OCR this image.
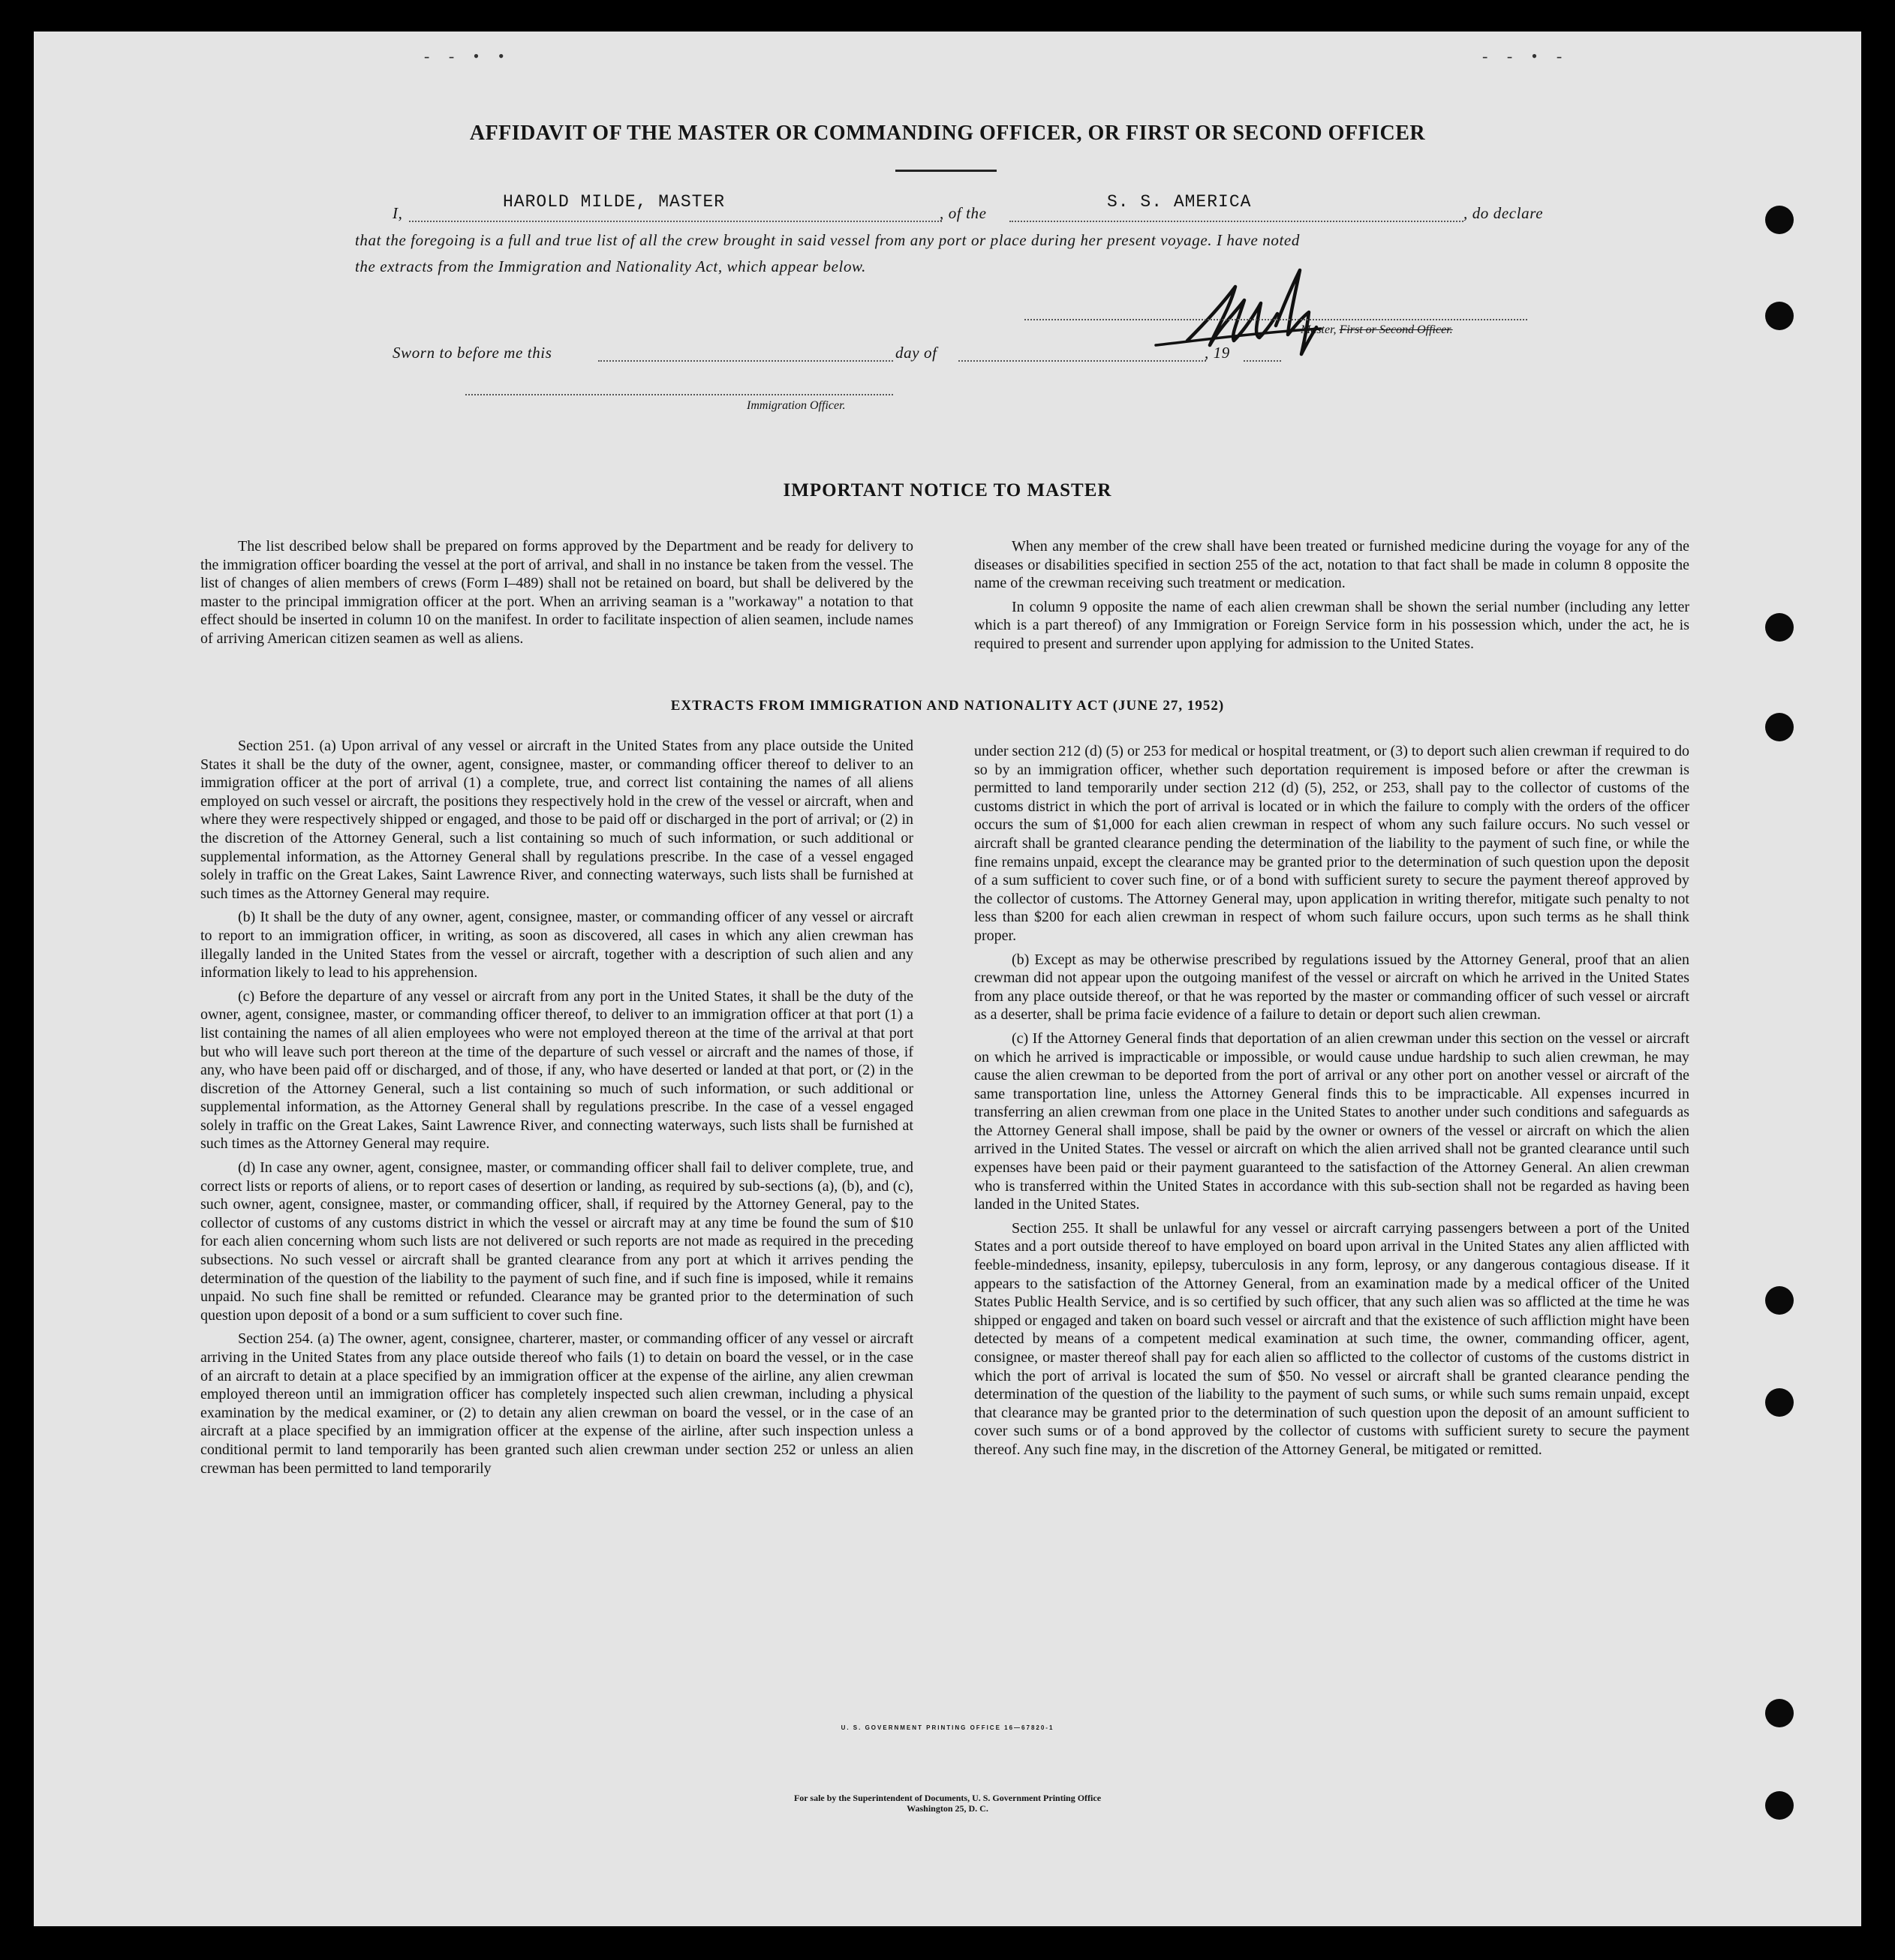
- - • •	- - • -
AFFIDAVIT OF THE MASTER OR COMMANDING OFFICER, OR FIRST OR SECOND OFFICER
I,
HAROLD MILDE, MASTER
, of the
S. S. AMERICA
, do declare
that the foregoing is a full and true list of all the crew brought in said vessel from any port or place during her present voyage. I have noted
the extracts from the Immigration and Nationality Act, which appear below.
Master, First or Second Officer.
Sworn to before me this	day of	, 19
Immigration Officer.
IMPORTANT NOTICE TO MASTER

The list described below shall be prepared on forms approved by the Department and be ready for delivery to the immigration officer boarding the vessel at the port of arrival, and shall in no instance be taken from the vessel. The list of changes of alien members of crews (Form I–489) shall not be retained on board, but shall be delivered by the master to the principal immigration officer at the port. When an arriving seaman is a "workaway" a notation to that effect should be inserted in column 10 on the manifest. In order to facilitate inspection of alien seamen, include names of arriving American citizen seamen as well as aliens.

When any member of the crew shall have been treated or furnished medicine during the voyage for any of the diseases or disabilities specified in section 255 of the act, notation to that fact shall be made in column 8 opposite the name of the crewman receiving such treatment or medication.

In column 9 opposite the name of each alien crewman shall be shown the serial number (including any letter which is a part thereof) of any Immigration or Foreign Service form in his possession which, under the act, he is required to present and surrender upon applying for admission to the United States.

EXTRACTS FROM IMMIGRATION AND NATIONALITY ACT (JUNE 27, 1952)

Section 251. (a) Upon arrival of any vessel or aircraft in the United States from any place outside the United States it shall be the duty of the owner, agent, consignee, master, or commanding officer thereof to deliver to an immigration officer at the port of arrival (1) a complete, true, and correct list containing the names of all aliens employed on such vessel or aircraft, the positions they respectively hold in the crew of the vessel or aircraft, when and where they were respectively shipped or engaged, and those to be paid off or discharged in the port of arrival; or (2) in the discretion of the Attorney General, such a list containing so much of such information, or such additional or supplemental information, as the Attorney General shall by regulations prescribe. In the case of a vessel engaged solely in traffic on the Great Lakes, Saint Lawrence River, and connecting waterways, such lists shall be furnished at such times as the Attorney General may require.

(b) It shall be the duty of any owner, agent, consignee, master, or commanding officer of any vessel or aircraft to report to an immigration officer, in writing, as soon as discovered, all cases in which any alien crewman has illegally landed in the United States from the vessel or aircraft, together with a description of such alien and any information likely to lead to his apprehension.

(c) Before the departure of any vessel or aircraft from any port in the United States, it shall be the duty of the owner, agent, consignee, master, or commanding officer thereof, to deliver to an immigration officer at that port (1) a list containing the names of all alien employees who were not employed thereon at the time of the arrival at that port but who will leave such port thereon at the time of the departure of such vessel or aircraft and the names of those, if any, who have been paid off or discharged, and of those, if any, who have deserted or landed at that port, or (2) in the discretion of the Attorney General, such a list containing so much of such information, or such additional or supplemental information, as the Attorney General shall by regulations prescribe. In the case of a vessel engaged solely in traffic on the Great Lakes, Saint Lawrence River, and connecting waterways, such lists shall be furnished at such times as the Attorney General may require.

(d) In case any owner, agent, consignee, master, or commanding officer shall fail to deliver complete, true, and correct lists or reports of aliens, or to report cases of desertion or landing, as required by sub-sections (a), (b), and (c), such owner, agent, consignee, master, or commanding officer, shall, if required by the Attorney General, pay to the collector of customs of any customs district in which the vessel or aircraft may at any time be found the sum of $10 for each alien concerning whom such lists are not delivered or such reports are not made as required in the preceding subsections. No such vessel or aircraft shall be granted clearance from any port at which it arrives pending the determination of the question of the liability to the payment of such fine, and if such fine is imposed, while it remains unpaid. No such fine shall be remitted or refunded. Clearance may be granted prior to the determination of such question upon deposit of a bond or a sum sufficient to cover such fine.

Section 254. (a) The owner, agent, consignee, charterer, master, or commanding officer of any vessel or aircraft arriving in the United States from any place outside thereof who fails (1) to detain on board the vessel, or in the case of an aircraft to detain at a place specified by an immigration officer at the expense of the airline, any alien crewman employed thereon until an immigration officer has completely inspected such alien crewman, including a physical examination by the medical examiner, or (2) to detain any alien crewman on board the vessel, or in the case of an aircraft at a place specified by an immigration officer at the expense of the airline, after such inspection unless a conditional permit to land temporarily has been granted such alien crewman under section 252 or unless an alien crewman has been permitted to land temporarily

under section 212 (d) (5) or 253 for medical or hospital treatment, or (3) to deport such alien crewman if required to do so by an immigration officer, whether such deportation requirement is imposed before or after the crewman is permitted to land temporarily under section 212 (d) (5), 252, or 253, shall pay to the collector of customs of the customs district in which the port of arrival is located or in which the failure to comply with the orders of the officer occurs the sum of $1,000 for each alien crewman in respect of whom any such failure occurs. No such vessel or aircraft shall be granted clearance pending the determination of the liability to the payment of such fine, or while the fine remains unpaid, except the clearance may be granted prior to the determination of such question upon the deposit of a sum sufficient to cover such fine, or of a bond with sufficient surety to secure the payment thereof approved by the collector of customs. The Attorney General may, upon application in writing therefor, mitigate such penalty to not less than $200 for each alien crewman in respect of whom such failure occurs, upon such terms as he shall think proper.

(b) Except as may be otherwise prescribed by regulations issued by the Attorney General, proof that an alien crewman did not appear upon the outgoing manifest of the vessel or aircraft on which he arrived in the United States from any place outside thereof, or that he was reported by the master or commanding officer of such vessel or aircraft as a deserter, shall be prima facie evidence of a failure to detain or deport such alien crewman.

(c) If the Attorney General finds that deportation of an alien crewman under this section on the vessel or aircraft on which he arrived is impracticable or impossible, or would cause undue hardship to such alien crewman, he may cause the alien crewman to be deported from the port of arrival or any other port on another vessel or aircraft of the same transportation line, unless the Attorney General finds this to be impracticable. All expenses incurred in transferring an alien crewman from one place in the United States to another under such conditions and safeguards as the Attorney General shall impose, shall be paid by the owner or owners of the vessel or aircraft on which the alien arrived in the United States. The vessel or aircraft on which the alien arrived shall not be granted clearance until such expenses have been paid or their payment guaranteed to the satisfaction of the Attorney General. An alien crewman who is transferred within the United States in accordance with this sub-section shall not be regarded as having been landed in the United States.

Section 255. It shall be unlawful for any vessel or aircraft carrying passengers between a port of the United States and a port outside thereof to have employed on board upon arrival in the United States any alien afflicted with feeble-mindedness, insanity, epilepsy, tuberculosis in any form, leprosy, or any dangerous contagious disease. If it appears to the satisfaction of the Attorney General, from an examination made by a medical officer of the United States Public Health Service, and is so certified by such officer, that any such alien was so afflicted at the time he was shipped or engaged and taken on board such vessel or aircraft and that the existence of such affliction might have been detected by means of a competent medical examination at such time, the owner, commanding officer, agent, consignee, or master thereof shall pay for each alien so afflicted to the collector of customs of the customs district in which the port of arrival is located the sum of $50. No vessel or aircraft shall be granted clearance pending the determination of the question of the liability to the payment of such sums, or while such sums remain unpaid, except that clearance may be granted prior to the determination of such question upon the deposit of an amount sufficient to cover such sums or of a bond approved by the collector of customs with sufficient surety to secure the payment thereof. Any such fine may, in the discretion of the Attorney General, be mitigated or remitted.

U. S. GOVERNMENT PRINTING OFFICE 16—67820-1
For sale by the Superintendent of Documents, U. S. Government Printing Office
Washington 25, D. C.
